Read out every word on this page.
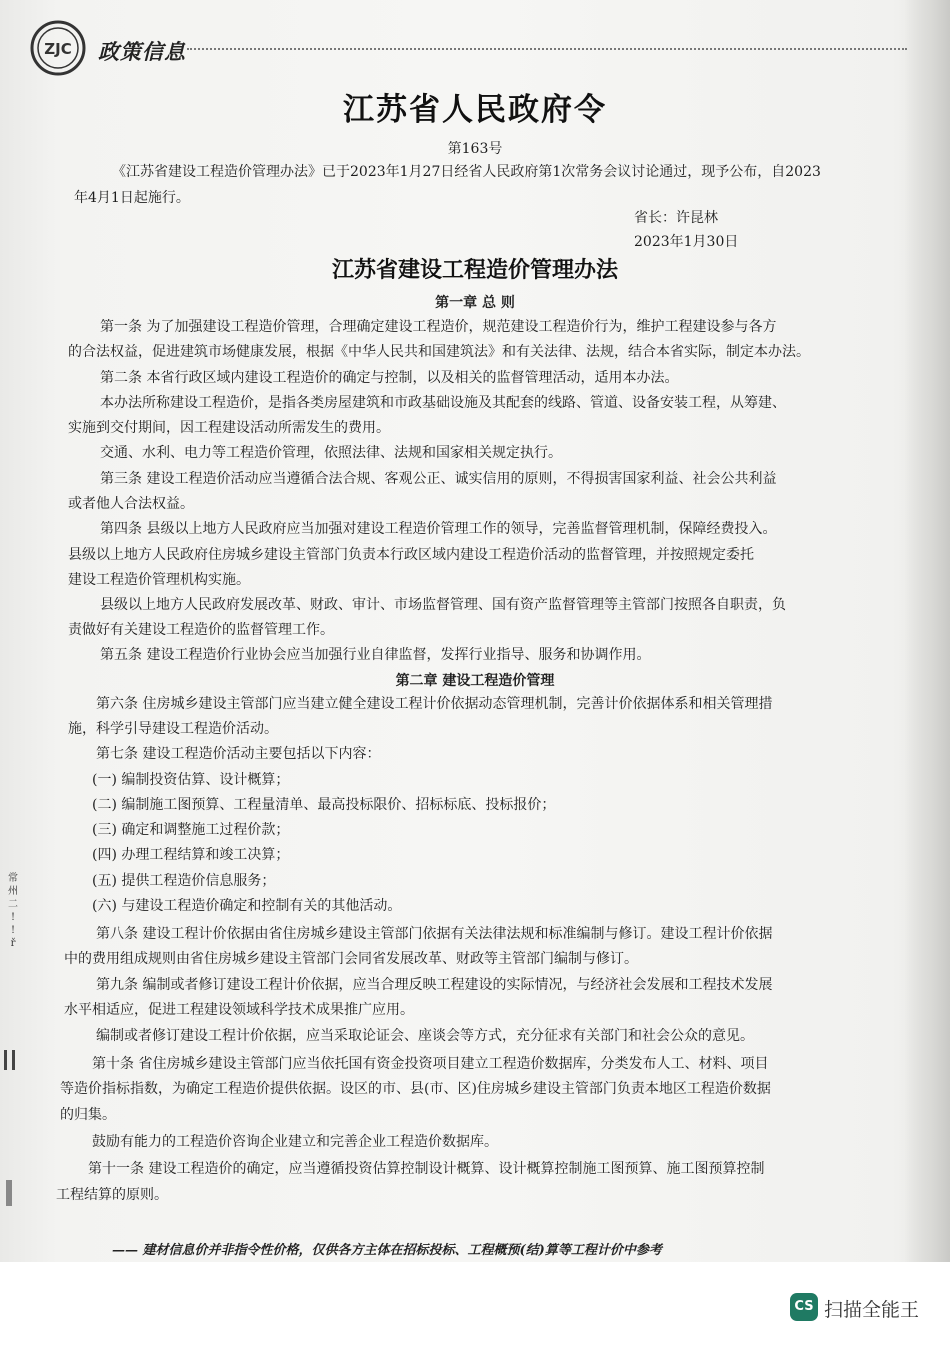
ZJC 政策信息
江苏省人民政府令
第163号
《江苏省建设工程造价管理办法》已于2023年1月27日经省人民政府第1次常务会议讨论通过，现予公布，自2023
年4月1日起施行。
省长：许昆林
2023年1月30日
江苏省建设工程造价管理办法
第一章 总 则
第一条 为了加强建设工程造价管理，合理确定建设工程造价，规范建设工程造价行为，维护工程建设参与各方
的合法权益，促进建筑市场健康发展，根据《中华人民共和国建筑法》和有关法律、法规，结合本省实际，制定本办法。
第二条 本省行政区域内建设工程造价的确定与控制，以及相关的监督管理活动，适用本办法。
本办法所称建设工程造价，是指各类房屋建筑和市政基础设施及其配套的线路、管道、设备安装工程，从筹建、
实施到交付期间，因工程建设活动所需发生的费用。
交通、水利、电力等工程造价管理，依照法律、法规和国家相关规定执行。
第三条 建设工程造价活动应当遵循合法合规、客观公正、诚实信用的原则，不得损害国家利益、社会公共利益
或者他人合法权益。
第四条 县级以上地方人民政府应当加强对建设工程造价管理工作的领导，完善监督管理机制，保障经费投入。
县级以上地方人民政府住房城乡建设主管部门负责本行政区域内建设工程造价活动的监督管理，并按照规定委托
建设工程造价管理机构实施。
县级以上地方人民政府发展改革、财政、审计、市场监督管理、国有资产监督管理等主管部门按照各自职责，负
责做好有关建设工程造价的监督管理工作。
第五条 建设工程造价行业协会应当加强行业自律监督，发挥行业指导、服务和协调作用。
第六条 住房城乡建设主管部门应当建立健全建设工程计价依据动态管理机制，完善计价依据体系和相关管理措
施，科学引导建设工程造价活动。
第七条 建设工程造价活动主要包括以下内容：
(一) 编制投资估算、设计概算；
(二) 编制施工图预算、工程量清单、最高投标限价、招标标底、投标报价；
(三) 确定和调整施工过程价款；
(四) 办理工程结算和竣工决算；
(五) 提供工程造价信息服务；
(六) 与建设工程造价确定和控制有关的其他活动。
第八条 建设工程计价依据由省住房城乡建设主管部门依据有关法律法规和标准编制与修订。建设工程计价依据
中的费用组成规则由省住房城乡建设主管部门会同省发展改革、财政等主管部门编制与修订。
第九条 编制或者修订建设工程计价依据，应当合理反映工程建设的实际情况，与经济社会发展和工程技术发展
水平相适应，促进工程建设领域科学技术成果推广应用。
编制或者修订建设工程计价依据，应当采取论证会、座谈会等方式，充分征求有关部门和社会公众的意见。
第十条 省住房城乡建设主管部门应当依托国有资金投资项目建立工程造价数据库，分类发布人工、材料、项目
等造价指标指数，为确定工程造价提供依据。设区的市、县(市、区)住房城乡建设主管部门负责本地区工程造价数据
的归集。
鼓励有能力的工程造价咨询企业建立和完善企业工程造价数据库。
第十一条 建设工程造价的确定，应当遵循投资估算控制设计概算、设计概算控制施工图预算、施工图预算控制
工程结算的原则。
第二章 建设工程造价管理
—— 建材信息价并非指令性价格，仅供各方主体在招标投标、工程概预(结)算等工程计价中参考
常
州
二
!
!
ř
CS 扫描全能王
